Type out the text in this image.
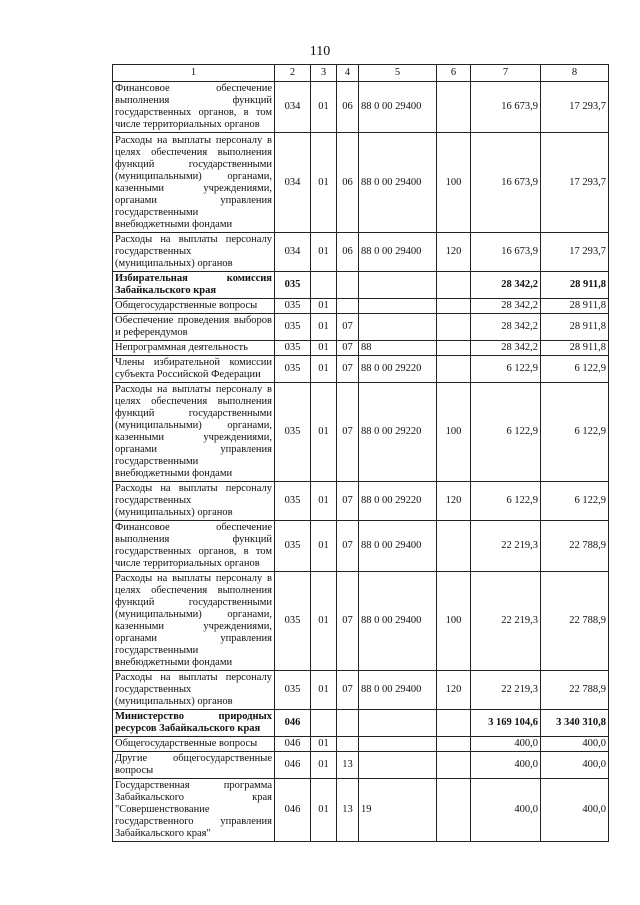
110
1	2	3	4	5	6	7	8
Финансовое обеспечение выполнения функций государственных органов, в том числе территориальных органов	034	01	06	88 0 00 29400		16 673,9	17 293,7
Расходы на выплаты персоналу в целях обеспечения выполнения функций государственными (муниципальными) органами, казенными учреждениями, органами управления государственными внебюджетными фондами	034	01	06	88 0 00 29400	100	16 673,9	17 293,7
Расходы на выплаты персоналу государственных (муниципальных) органов	034	01	06	88 0 00 29400	120	16 673,9	17 293,7
Избирательная комиссия Забайкальского края	035					28 342,2	28 911,8
Общегосударственные вопросы	035	01				28 342,2	28 911,8
Обеспечение проведения выборов и референдумов	035	01	07			28 342,2	28 911,8
Непрограммная деятельность	035	01	07	88		28 342,2	28 911,8
Члены избирательной комиссии субъекта Российской Федерации	035	01	07	88 0 00 29220		6 122,9	6 122,9
Расходы на выплаты персоналу в целях обеспечения выполнения функций государственными (муниципальными) органами, казенными учреждениями, органами управления государственными внебюджетными фондами	035	01	07	88 0 00 29220	100	6 122,9	6 122,9
Расходы на выплаты персоналу государственных (муниципальных) органов	035	01	07	88 0 00 29220	120	6 122,9	6 122,9
Финансовое обеспечение выполнения функций государственных органов, в том числе территориальных органов	035	01	07	88 0 00 29400		22 219,3	22 788,9
Расходы на выплаты персоналу в целях обеспечения выполнения функций государственными (муниципальными) органами, казенными учреждениями, органами управления государственными внебюджетными фондами	035	01	07	88 0 00 29400	100	22 219,3	22 788,9
Расходы на выплаты персоналу государственных (муниципальных) органов	035	01	07	88 0 00 29400	120	22 219,3	22 788,9
Министерство природных ресурсов Забайкальского края	046					3 169 104,6	3 340 310,8
Общегосударственные вопросы	046	01				400,0	400,0
Другие общегосударственные вопросы	046	01	13			400,0	400,0
Государственная программа Забайкальского края "Совершенствование государственного управления Забайкальского края"	046	01	13	19		400,0	400,0
